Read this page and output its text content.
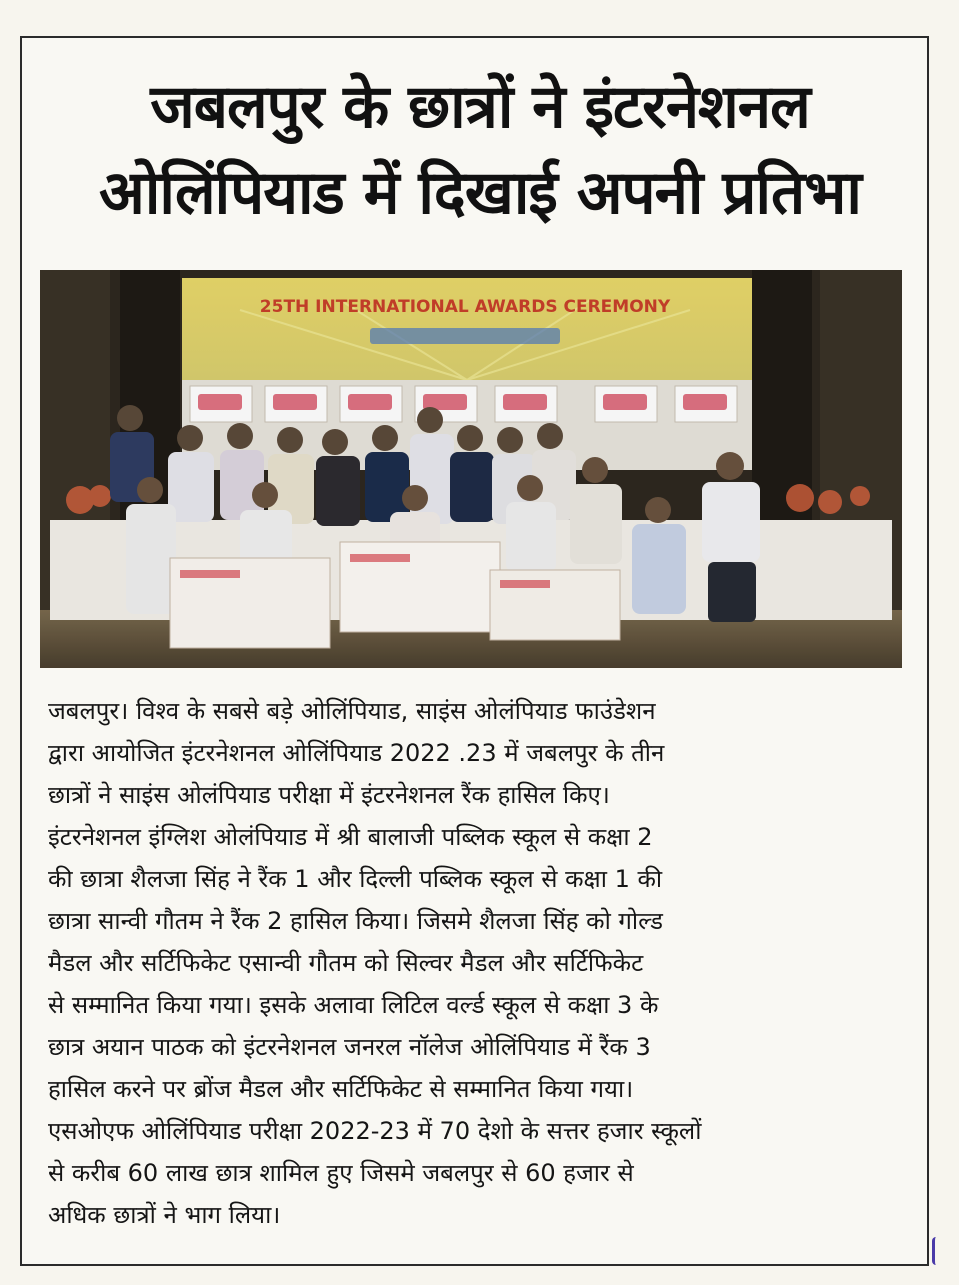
जबलपुर के छात्रों ने इंटरनेशनल
ओलिंपियाड में दिखाई अपनी प्रतिभा
25TH INTERNATIONAL AWARDS CEREMONY
जबलपुर। विश्व के सबसे बड़े ओलिंपियाड, साइंस ओलंपियाड फाउंडेशन
द्वारा आयोजित इंटरनेशनल ओलिंपियाड 2022 .23 में जबलपुर के तीन
छात्रों ने साइंस ओलंपियाड परीक्षा में इंटरनेशनल रैंक हासिल किए।
इंटरनेशनल इंग्लिश ओलंपियाड में श्री बालाजी पब्लिक स्कूल से कक्षा 2
की छात्रा शैलजा सिंह ने रैंक 1 और दिल्ली पब्लिक स्कूल से कक्षा 1 की
छात्रा सान्वी गौतम ने रैंक 2 हासिल किया। जिसमे शैलजा सिंह को गोल्ड
मैडल और सर्टिफिकेट एसान्वी गौतम को सिल्वर मैडल और सर्टिफिकेट
से सम्मानित किया गया। इसके अलावा लिटिल वर्ल्ड स्कूल से कक्षा 3 के
छात्र अयान पाठक को इंटरनेशनल जनरल नॉलेज ओलिंपियाड में रैंक 3
हासिल करने पर ब्रोंज मैडल और सर्टिफिकेट से सम्मानित किया गया।
एसओएफ ओलिंपियाड परीक्षा 2022-23 में 70 देशो के सत्तर हजार स्कूलों
से करीब 60 लाख छात्र शामिल हुए जिसमे जबलपुर से 60 हजार से
अधिक छात्रों ने भाग लिया।
